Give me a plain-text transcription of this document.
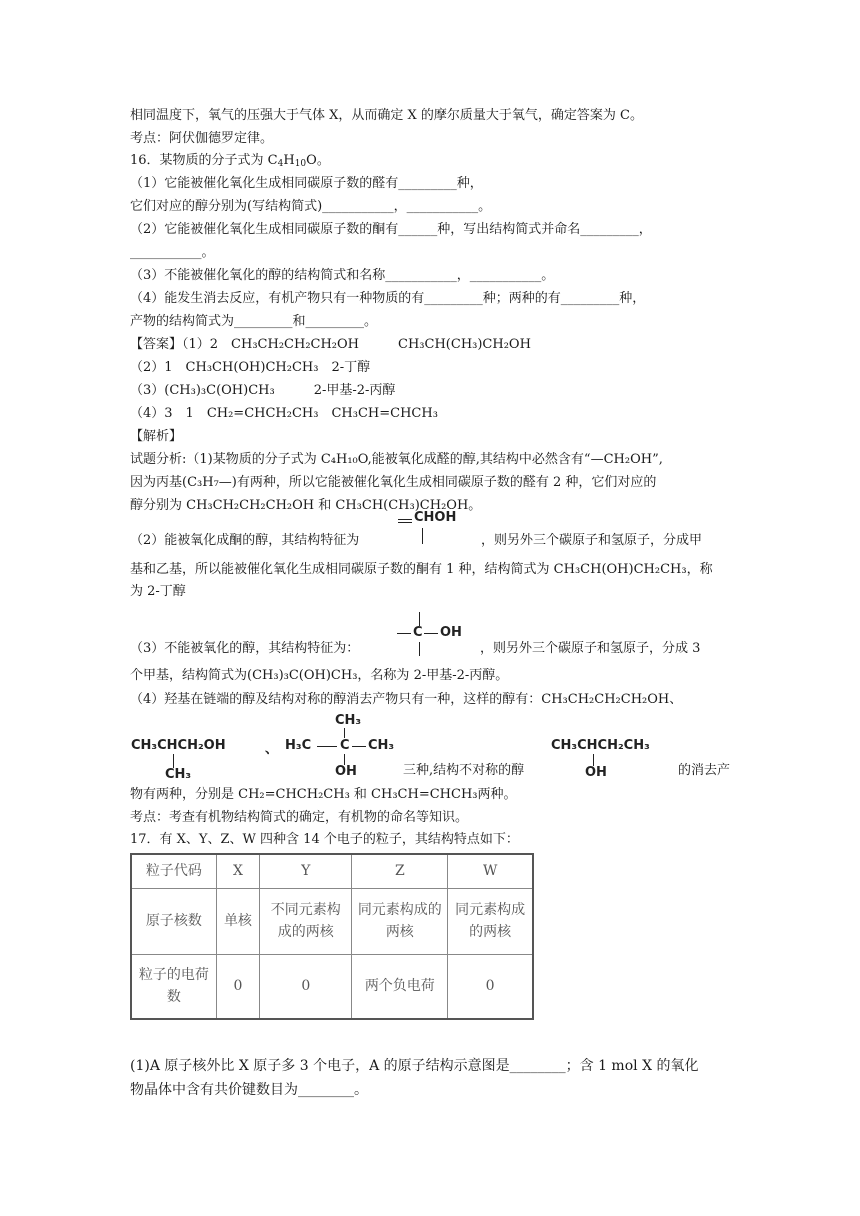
相同温度下，氧气的压强大于气体 X，从而确定 X 的摩尔质量大于氧气，确定答案为 C。
考点：阿伏伽德罗定律。
16．某物质的分子式为 $C_4H_{10}O$。
（1）它能被催化氧化生成相同碳原子数的醛有_________种，
它们对应的醇分别为(写结构简式)___________，___________。
（2）它能被催化氧化生成相同碳原子数的酮有______种，写出结构简式并命名_________，
___________。
（3）不能被催化氧化的醇的结构简式和名称___________，___________。
（4）能发生消去反应，有机产物只有一种物质的有_________种；两种的有_________种，
产物的结构简式为_________和_________。
【答案】（1）2　CH₃CH₂CH₂CH₂OH　　　CH₃CH(CH₃)CH₂OH
（2）1　CH₃CH(OH)CH₂CH₃　2-丁醇
（3）(CH₃)₃C(OH)CH₃　　　2-甲基-2-丙醇
（4）3　1　CH₂=CHCH₂CH₃　CH₃CH=CHCH₃
【解析】
试题分析:（1)某物质的分子式为 C₄H₁₀O,能被氧化成醛的醇,其结构中必然含有“—CH₂OH”,
因为丙基(C₃H₇—)有两种，所以它能被催化氧化生成相同碳原子数的醛有 2 种，它们对应的
醇分别为 CH₃CH₂CH₂CH₂OH 和 CH₃CH(CH₃)CH₂OH。
（2）能被氧化成酮的醇，其结构特征为
CHOH
，则另外三个碳原子和氢原子，分成甲
基和乙基，所以能被催化氧化生成相同碳原子数的酮有 1 种，结构简式为 CH₃CH(OH)CH₂CH₃，称
为 2-丁醇
（3）不能被氧化的醇，其结构特征为：
C OH
，则另外三个碳原子和氢原子，分成 3
个甲基，结构简式为(CH₃)₃C(OH)CH₃，名称为 2-甲基-2-丙醇。
（4）羟基在链端的醇及结构对称的醇消去产物只有一种，这样的醇有：CH₃CH₂CH₂CH₂OH、
CH₃CHCH₂OH
CH₃
、 H₃C
CH₃
C CH₃
OH	三种,结构不对称的醇
CH₃CHCH₂CH₃
OH	的消去产
物有两种，分别是 CH₂=CHCH₂CH₃ 和 CH₃CH=CHCH₃两种。
考点：考查有机物结构简式的确定，有机物的命名等知识。
17．有 X、Y、Z、W 四种含 14 个电子的粒子，其结构特点如下：
粒子代码	X	Y	Z	W
原子核数	单核	不同元素构成的两核	同元素构成的两核	同元素构成的两核
粒子的电荷数	0	0	两个负电荷	0
(1)A 原子核外比 X 原子多 3 个电子，A 的原子结构示意图是________；含 1 mol X 的氧化
物晶体中含有共价键数目为________。
